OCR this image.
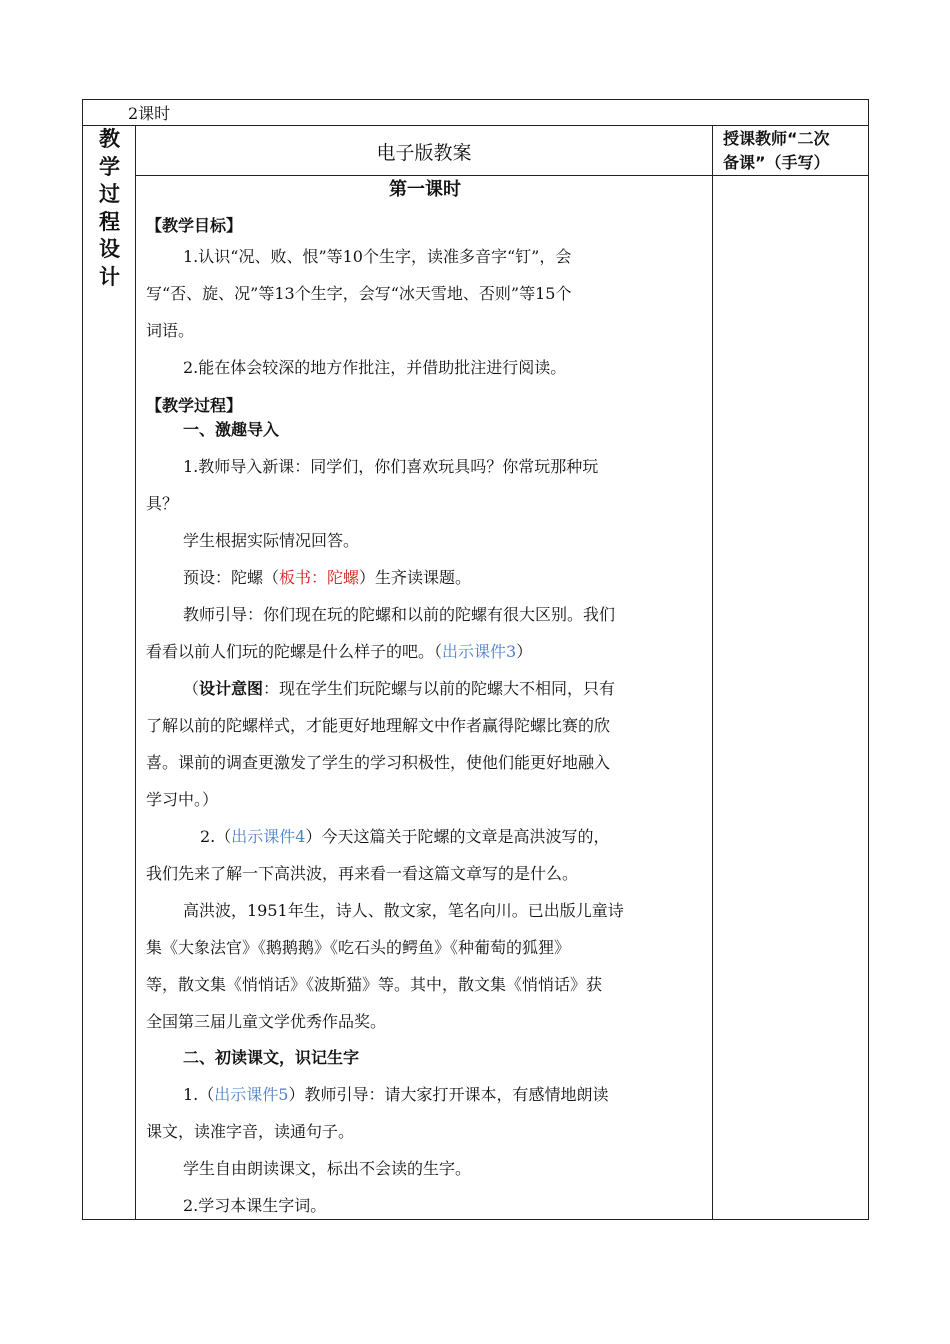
2课时
教
学
过
程
设
计
电子版教案
授课教师“二次
备课”（手写）
第一课时
【教学目标】
1.认识“况、败、恨”等10个生字，读准多音字“钉”，会
写“否、旋、况”等13个生字，会写“冰天雪地、否则”等15个
词语。
2.能在体会较深的地方作批注，并借助批注进行阅读。
【教学过程】
一、激趣导入
1.教师导入新课：同学们，你们喜欢玩具吗？你常玩那种玩
具？
学生根据实际情况回答。
预设：陀螺（板书：陀螺）生齐读课题。
教师引导：你们现在玩的陀螺和以前的陀螺有很大区别。我们
看看以前人们玩的陀螺是什么样子的吧。（出示课件3）
（设计意图：现在学生们玩陀螺与以前的陀螺大不相同，只有
了解以前的陀螺样式，才能更好地理解文中作者赢得陀螺比赛的欣
喜。课前的调查更激发了学生的学习积极性，使他们能更好地融入
学习中。）
2.（出示课件4）今天这篇关于陀螺的文章是高洪波写的，
我们先来了解一下高洪波，再来看一看这篇文章写的是什么。
高洪波，1951年生，诗人、散文家，笔名向川。已出版儿童诗
集《大象法官》《鹅鹅鹅》《吃石头的鳄鱼》《种葡萄的狐狸》
等，散文集《悄悄话》《波斯猫》等。其中，散文集《悄悄话》获
全国第三届儿童文学优秀作品奖。
二、初读课文，识记生字
1.（出示课件5）教师引导：请大家打开课本，有感情地朗读
课文，读准字音，读通句子。
学生自由朗读课文，标出不会读的生字。
2.学习本课生字词。
